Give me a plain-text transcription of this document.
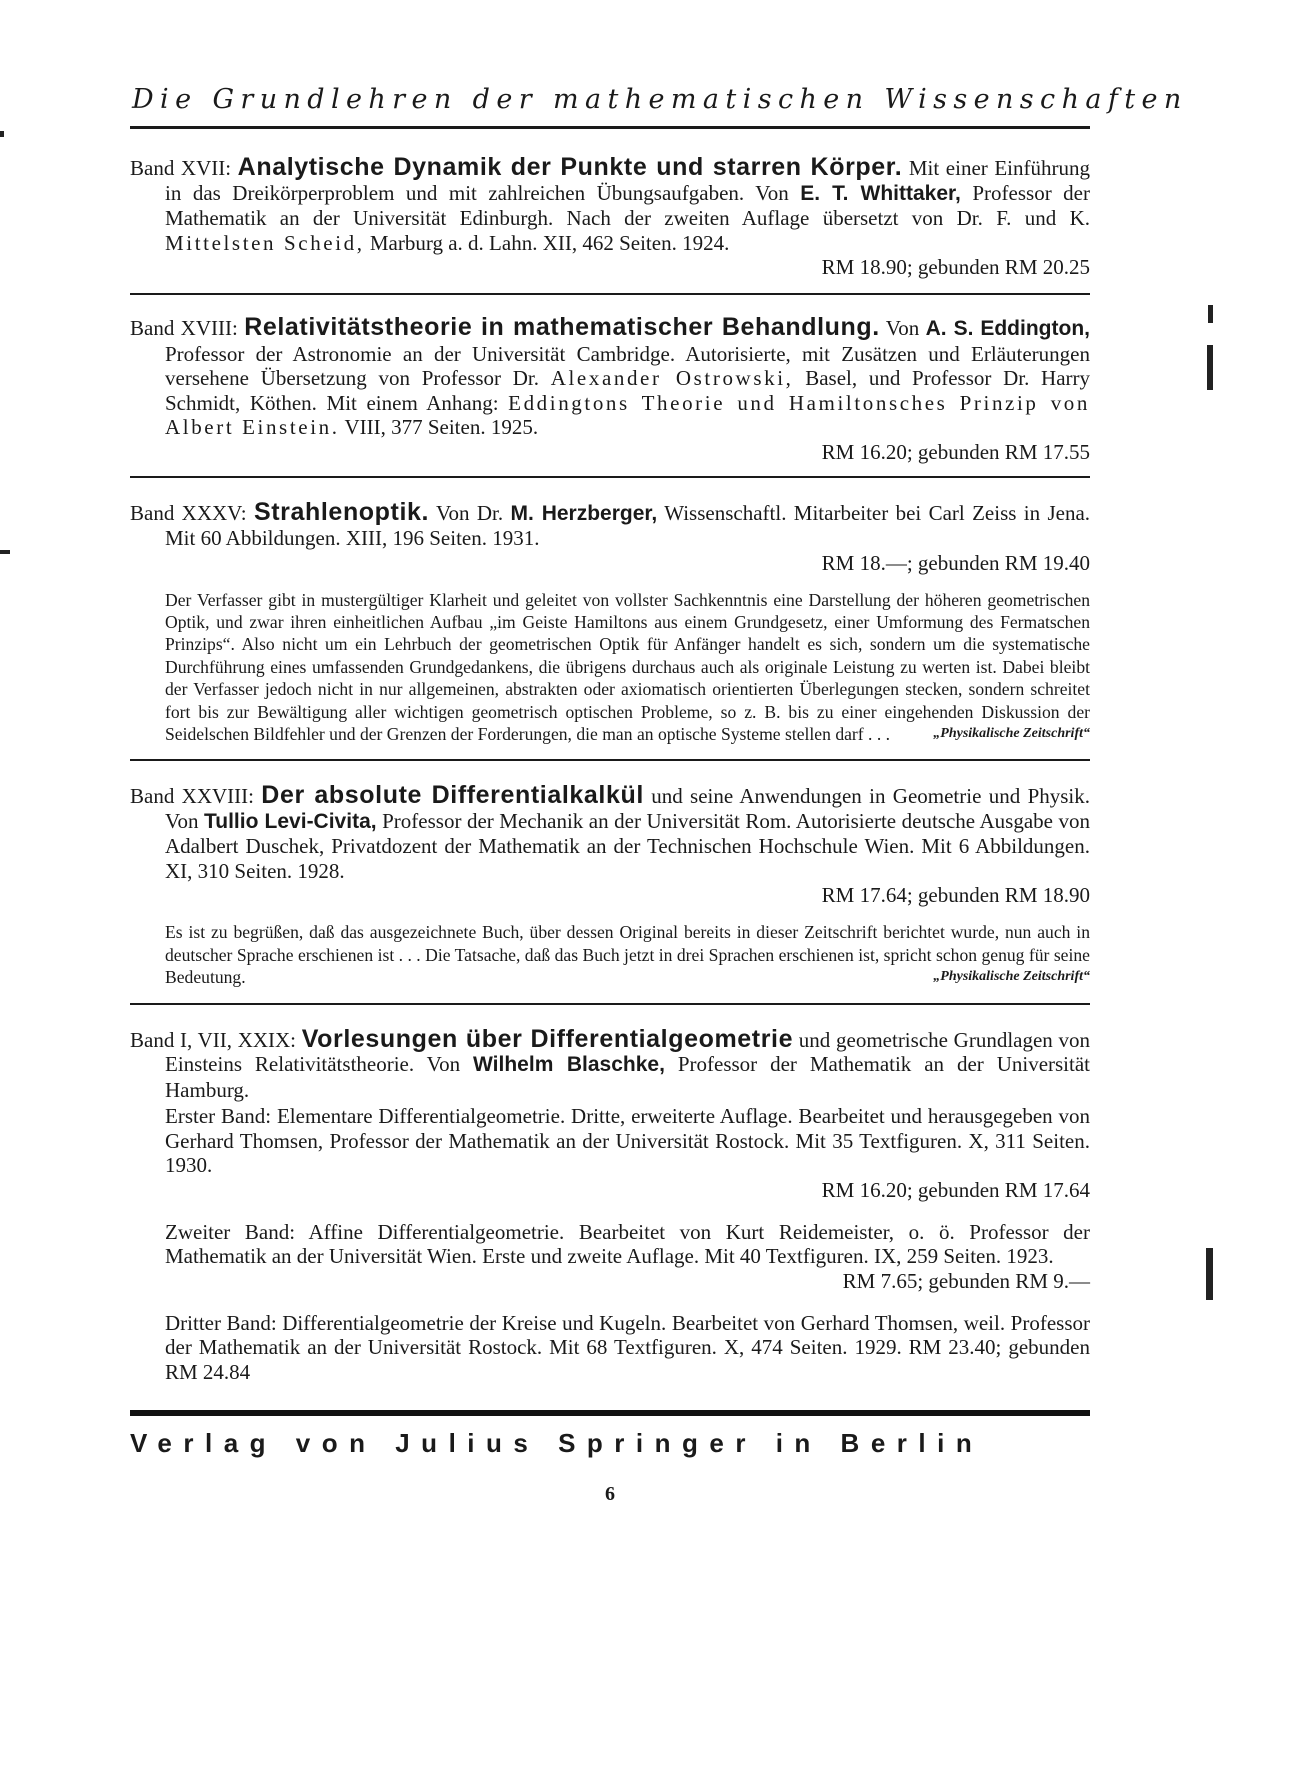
Die Grundlehren der mathematischen Wissenschaften

Band XVII: Analytische Dynamik der Punkte und starren Körper. Mit einer Einführung in das Dreikörperproblem und mit zahlreichen Übungsaufgaben. Von E. T. Whittaker, Professor der Mathematik an der Universität Edinburgh. Nach der zweiten Auflage übersetzt von Dr. F. und K. Mittelsten Scheid, Marburg a. d. Lahn. XII, 462 Seiten. 1924.

RM 18.90; gebunden RM 20.25

Band XVIII: Relativitätstheorie in mathematischer Behandlung. Von A. S. Eddington, Professor der Astronomie an der Universität Cambridge. Autorisierte, mit Zusätzen und Erläuterungen versehene Übersetzung von Professor Dr. Alexander Ostrowski, Basel, und Professor Dr. Harry Schmidt, Köthen. Mit einem Anhang: Eddingtons Theorie und Hamiltonsches Prinzip von Albert Einstein. VIII, 377 Seiten. 1925.

RM 16.20; gebunden RM 17.55

Band XXXV: Strahlenoptik. Von Dr. M. Herzberger, Wissenschaftl. Mitarbeiter bei Carl Zeiss in Jena. Mit 60 Abbildungen. XIII, 196 Seiten. 1931.

RM 18.—; gebunden RM 19.40
Der Verfasser gibt in mustergültiger Klarheit und geleitet von vollster Sachkenntnis eine Darstellung der höheren geometrischen Optik, und zwar ihren einheitlichen Aufbau „im Geiste Hamiltons aus einem Grundgesetz, einer Umformung des Fermatschen Prinzips“. Also nicht um ein Lehrbuch der geometrischen Optik für Anfänger handelt es sich, sondern um die systematische Durchführung eines umfassenden Grundgedankens, die übrigens durchaus auch als originale Leistung zu werten ist. Dabei bleibt der Verfasser jedoch nicht in nur allgemeinen, abstrakten oder axiomatisch orientierten Überlegungen stecken, sondern schreitet fort bis zur Bewältigung aller wichtigen geometrisch optischen Probleme, so z. B. bis zu einer eingehenden Diskussion der Seidelschen Bildfehler und der Grenzen der Forderungen, die man an optische Systeme stellen darf . . .	„Physikalische Zeitschrift“

Band XXVIII: Der absolute Differentialkalkül und seine Anwendungen in Geometrie und Physik. Von Tullio Levi-Civita, Professor der Mechanik an der Universität Rom. Autorisierte deutsche Ausgabe von Adalbert Duschek, Privatdozent der Mathematik an der Technischen Hochschule Wien. Mit 6 Abbildungen. XI, 310 Seiten. 1928.

RM 17.64; gebunden RM 18.90
Es ist zu begrüßen, daß das ausgezeichnete Buch, über dessen Original bereits in dieser Zeitschrift berichtet wurde, nun auch in deutscher Sprache erschienen ist . . . Die Tatsache, daß das Buch jetzt in drei Sprachen erschienen ist, spricht schon genug für seine Bedeutung.	„Physikalische Zeitschrift“

Band I, VII, XXIX: Vorlesungen über Differentialgeometrie und geometrische Grundlagen von Einsteins Relativitätstheorie. Von Wilhelm Blaschke, Professor der Mathematik an der Universität Hamburg.

Erster Band: Elementare Differentialgeometrie. Dritte, erweiterte Auflage. Bearbeitet und herausgegeben von Gerhard Thomsen, Professor der Mathematik an der Universität Rostock. Mit 35 Textfiguren. X, 311 Seiten. 1930.

RM 16.20; gebunden RM 17.64

Zweiter Band: Affine Differentialgeometrie. Bearbeitet von Kurt Reidemeister, o. ö. Professor der Mathematik an der Universität Wien. Erste und zweite Auflage. Mit 40 Textfiguren. IX, 259 Seiten. 1923.

RM 7.65; gebunden RM 9.—

Dritter Band: Differentialgeometrie der Kreise und Kugeln. Bearbeitet von Gerhard Thomsen, weil. Professor der Mathematik an der Universität Rostock. Mit 68 Textfiguren. X, 474 Seiten. 1929. RM 23.40; gebunden RM 24.84

Verlag von Julius Springer in Berlin
6
